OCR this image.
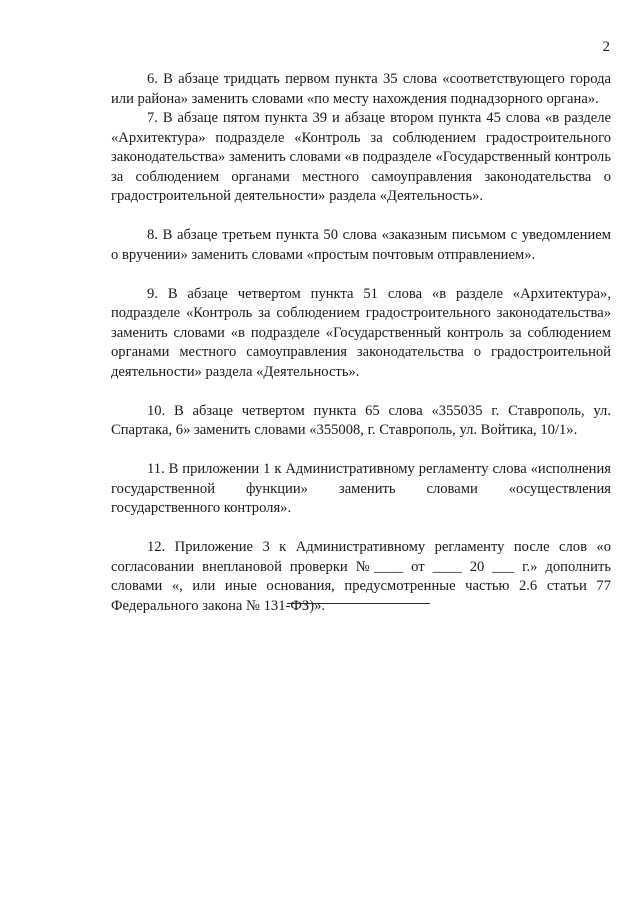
2

6. В абзаце тридцать первом пункта 35 слова «соответствующего города или района» заменить словами «по месту нахождения поднадзорного органа».

7. В абзаце пятом пункта 39 и абзаце втором пункта 45 слова «в разделе «Архитектура» подразделе «Контроль за соблюдением градостроительного законодательства» заменить словами «в подразделе «Государственный контроль за соблюдением органами местного самоуправления законодательства о градостроительной деятельности» раздела «Деятельность».

8. В абзаце третьем пункта 50 слова «заказным письмом с уведомлением о вручении» заменить словами «простым почтовым отправлением».

9. В абзаце четвертом пункта 51 слова «в разделе «Архитектура», подразделе «Контроль за соблюдением градостроительного законодательства» заменить словами «в подразделе «Государственный контроль за соблюдением органами местного самоуправления законодательства о градостроительной деятельности» раздела «Деятельность».

10. В абзаце четвертом пункта 65 слова «355035 г. Ставрополь, ул. Спартака, 6» заменить словами «355008, г. Ставрополь, ул. Войтика, 10/1».

11. В приложении 1 к Административному регламенту слова «исполнения государственной функции» заменить словами «осуществления государственного контроля».

12. Приложение 3 к Административному регламенту после слов «о согласовании внеплановой проверки №____ от ____ 20 ___ г.» дополнить словами «, или иные основания, предусмотренные частью 2.6 статьи 77 Федерального закона № 131-ФЗ)».
